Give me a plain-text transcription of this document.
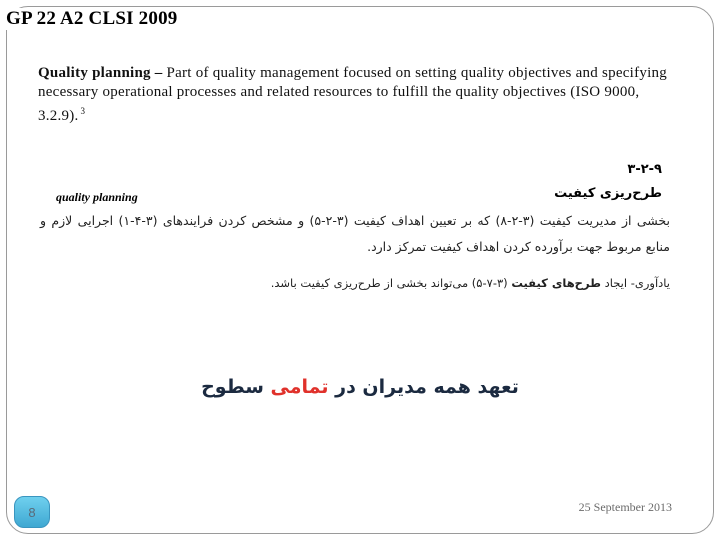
GP 22 A2 CLSI 2009
Quality planning – Part of quality management focused on setting quality objectives and specifying necessary operational processes and related resources to fulfill the quality objectives (ISO 9000, 3.2.9). $^3$
۳-۲-۹
طرح‌ریزی کیفیت
quality planning
بخشی از مدیریت کیفیت (۳-۲-۸) که بر تعیین اهداف کیفیت (۳-۲-۵) و مشخص کردن فرایندهای (۳-۴-۱) اجرایی لازم و منابع مربوط جهت برآورده کردن اهداف کیفیت تمرکز دارد.
یادآوری- ایجاد طرح‌های کیفیت (۳-۷-۵) می‌تواند بخشی از طرح‌ریزی کیفیت باشد.
تعهد همه مدیران در تمامی سطوح
8	25 September 2013
